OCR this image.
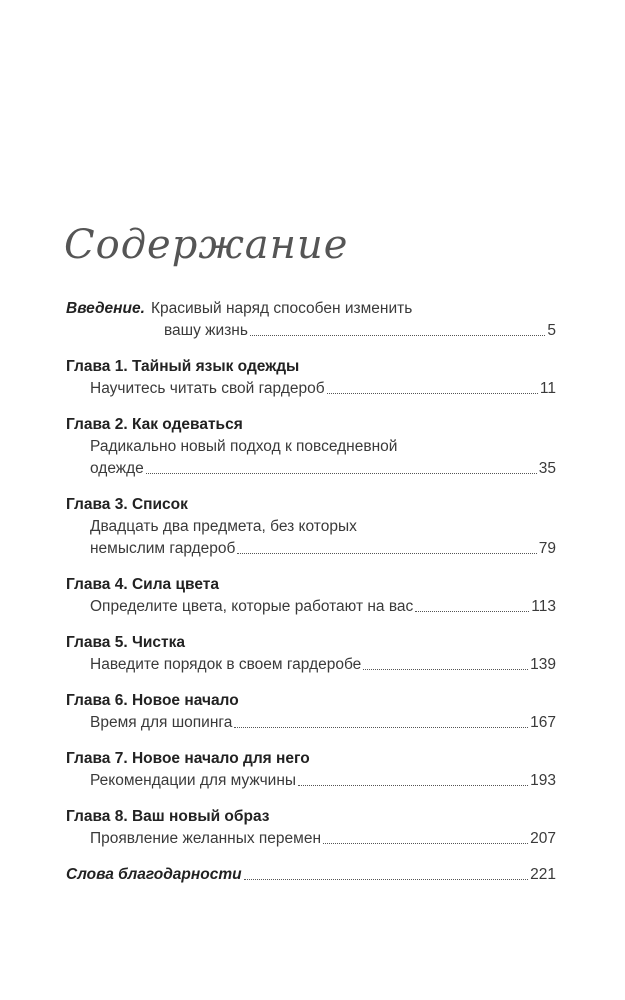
Содержание
Введение. Красивый наряд способен изменить
вашу жизнь	5
Глава 1. Тайный язык одежды
Научитесь читать свой гардероб	11
Глава 2. Как одеваться
Радикально новый подход к повседневной
одежде	35
Глава 3. Список
Двадцать два предмета, без которых
немыслим гардероб	79
Глава 4. Сила цвета
Определите цвета, которые работают на вас	113
Глава 5. Чистка
Наведите порядок в своем гардеробе	139
Глава 6. Новое начало
Время для шопинга	167
Глава 7. Новое начало для него
Рекомендации для мужчины	193
Глава 8. Ваш новый образ
Проявление желанных перемен	207
Слова благодарности	221
